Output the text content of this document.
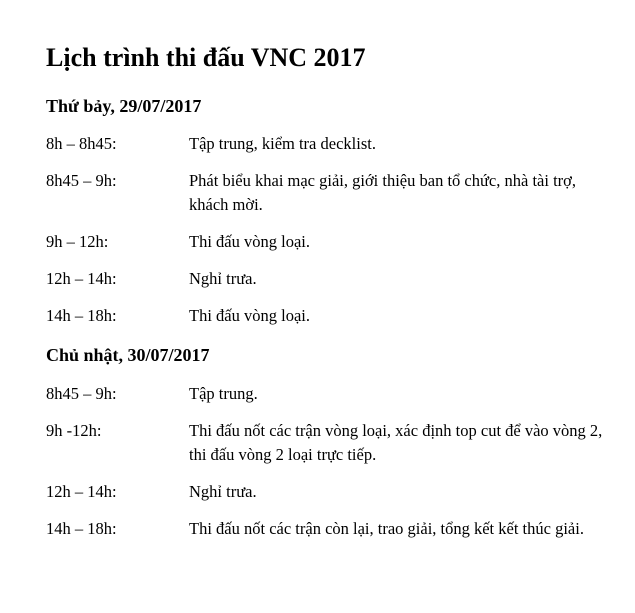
Lịch trình thi đấu VNC 2017
Thứ bảy, 29/07/2017
8h – 8h45:	Tập trung, kiểm tra decklist.
8h45 – 9h:	Phát biểu khai mạc giải, giới thiệu ban tổ chức, nhà tài trợ, khách mời.
9h – 12h:	Thi đấu vòng loại.
12h – 14h:	Nghỉ trưa.
14h – 18h:	Thi đấu vòng loại.
Chủ nhật, 30/07/2017
8h45 – 9h:	Tập trung.
9h -12h:	Thi đấu nốt các trận vòng loại, xác định top cut để vào vòng 2, thi đấu vòng 2 loại trực tiếp.
12h – 14h:	Nghỉ trưa.
14h – 18h:	Thi đấu nốt các trận còn lại, trao giải, tổng kết kết thúc giải.
